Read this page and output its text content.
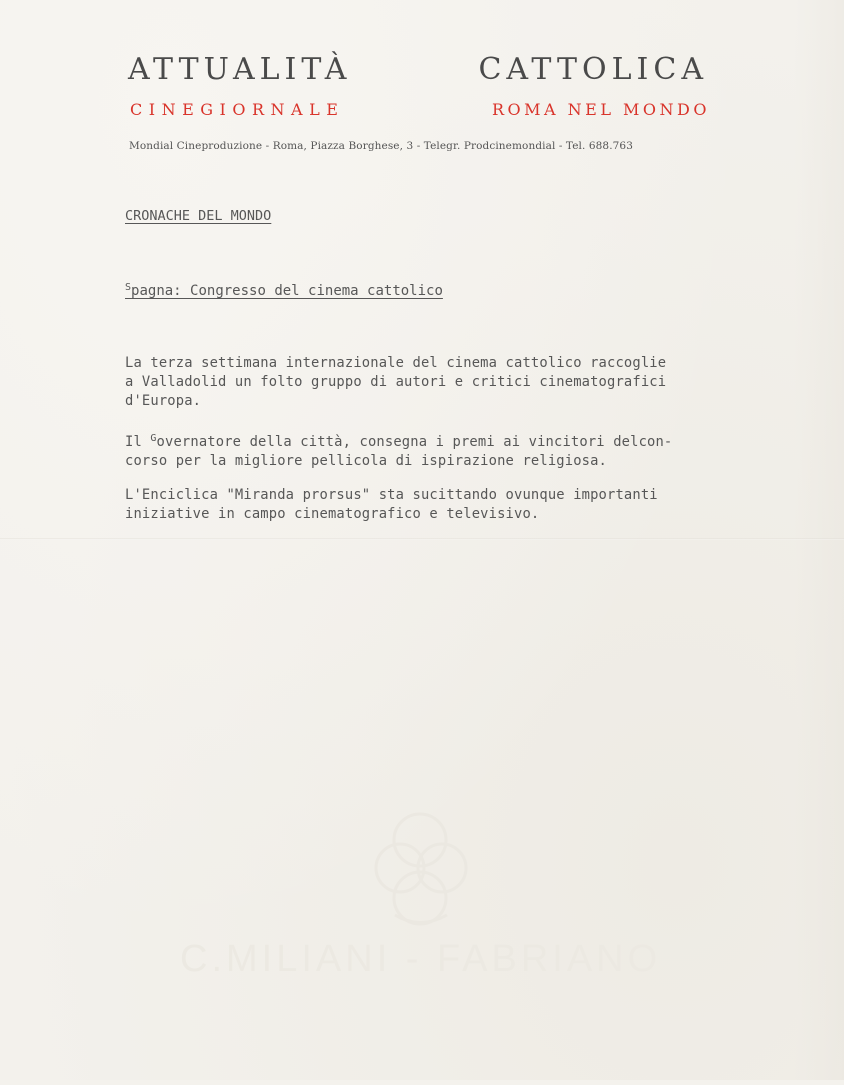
C.MILIANI - FABRIANO
ATTUALITÀ	CATTOLICA
CINEGIORNALE	ROMA NEL MONDO
Mondial Cineproduzione - Roma, Piazza Borghese, 3 - Telegr. Prodcinemondial - Tel. 688.763
CRONACHE DEL MONDO
$^S$pagna: Congresso del cinema cattolico
La terza settimana internazionale del cinema cattolico raccoglie
a Valladolid un folto gruppo di autori e critici cinematografici
d'Europa.
Il $^G$overnatore della città, consegna i premi ai vincitori delcon-
corso per la migliore pellicola di ispirazione religiosa.
L'Enciclica "Miranda prorsus" sta sucittando ovunque importanti
iniziative in campo cinematografico e televisivo.
